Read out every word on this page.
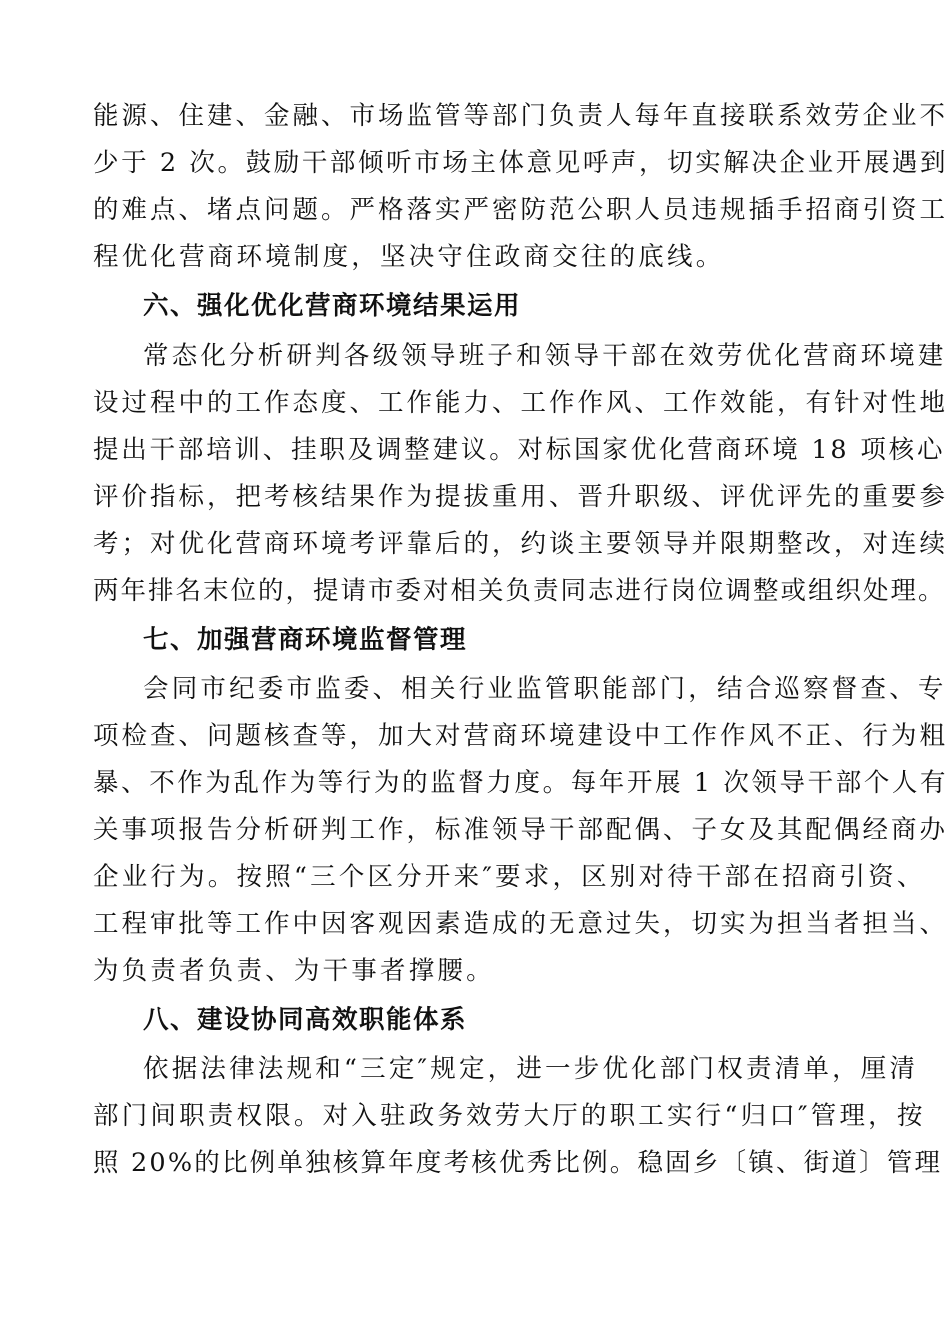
能源、住建、金融、市场监管等部门负责人每年直接联系效劳企业不
少于 2 次。鼓励干部倾听市场主体意见呼声，切实解决企业开展遇到
的难点、堵点问题。严格落实严密防范公职人员违规插手招商引资工
程优化营商环境制度，坚决守住政商交往的底线。
六、强化优化营商环境结果运用
常态化分析研判各级领导班子和领导干部在效劳优化营商环境建
设过程中的工作态度、工作能力、工作作风、工作效能，有针对性地
提出干部培训、挂职及调整建议。对标国家优化营商环境 18 项核心
评价指标，把考核结果作为提拔重用、晋升职级、评优评先的重要参
考；对优化营商环境考评靠后的，约谈主要领导并限期整改，对连续
两年排名末位的，提请市委对相关负责同志进行岗位调整或组织处理。
七、加强营商环境监督管理
会同市纪委市监委、相关行业监管职能部门，结合巡察督查、专
项检查、问题核查等，加大对营商环境建设中工作作风不正、行为粗
暴、不作为乱作为等行为的监督力度。每年开展 1 次领导干部个人有
关事项报告分析研判工作，标准领导干部配偶、子女及其配偶经商办
企业行为。按照“三个区分开来″要求，区别对待干部在招商引资、
工程审批等工作中因客观因素造成的无意过失，切实为担当者担当、
为负责者负责、为干事者撑腰。
八、建设协同高效职能体系
依据法律法规和“三定″规定，进一步优化部门权责清单，厘清
部门间职责权限。对入驻政务效劳大厅的职工实行“归口″管理，按
照 20%的比例单独核算年度考核优秀比例。稳固乡〔镇、街道〕管理
